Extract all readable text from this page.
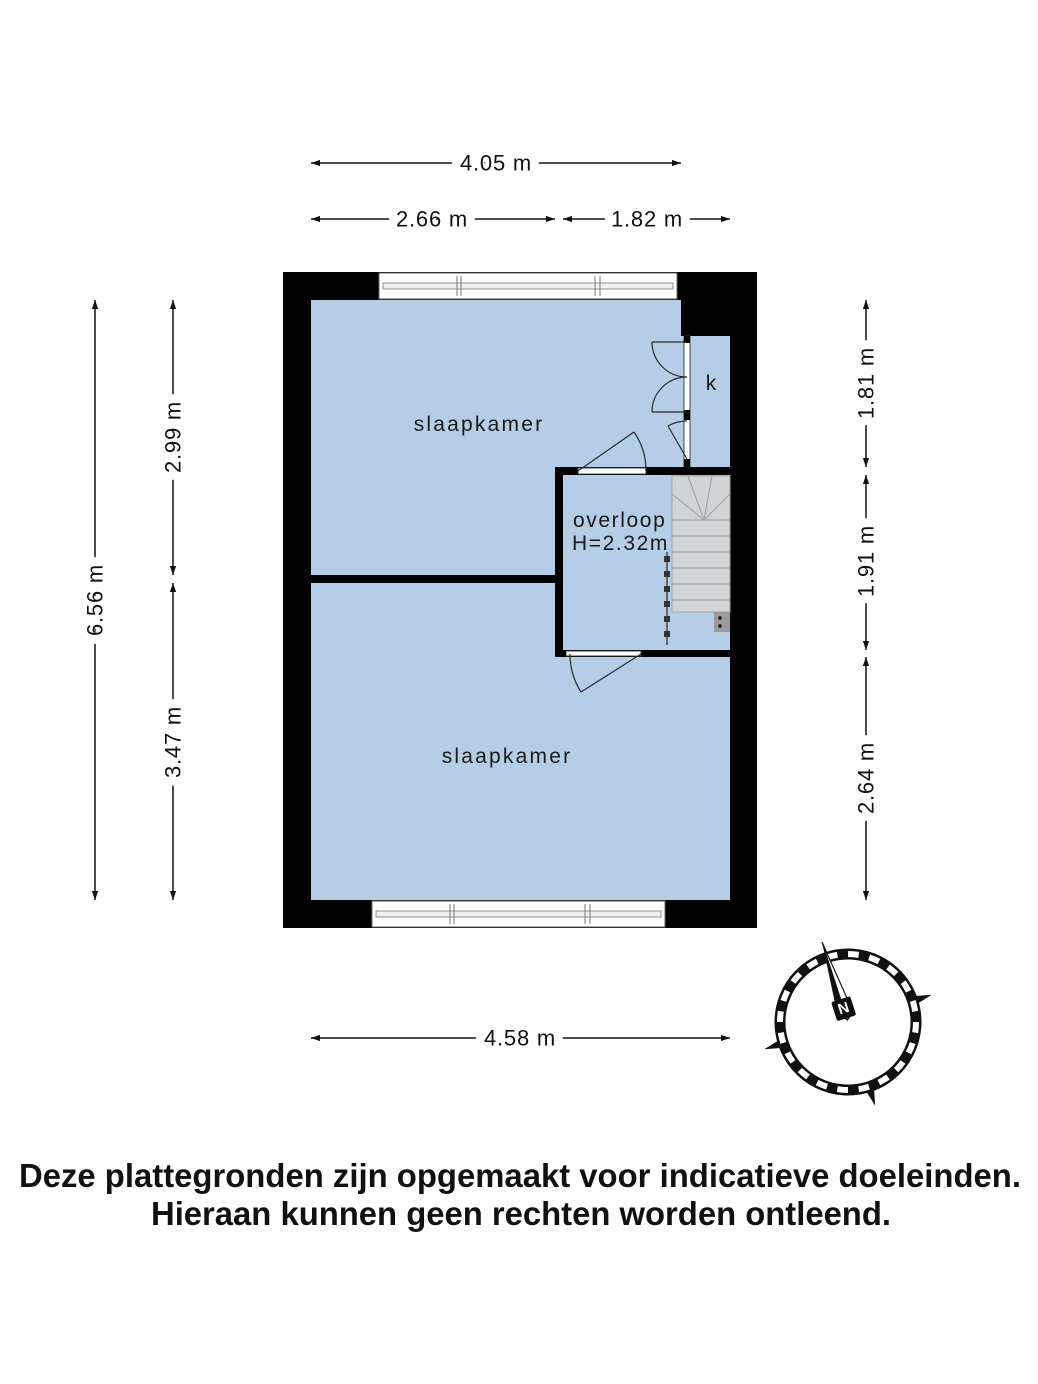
slaapkamer
slaapkamer
overloop
H=2.32m
k
4.05 m
2.66 m	1.82 m
6.56 m
2.99 m
3.47 m
1.81 m
1.91 m
2.64 m
4.58 m
N
Deze plattegronden zijn opgemaakt voor indicatieve doeleinden.
Hieraan kunnen geen rechten worden ontleend.
